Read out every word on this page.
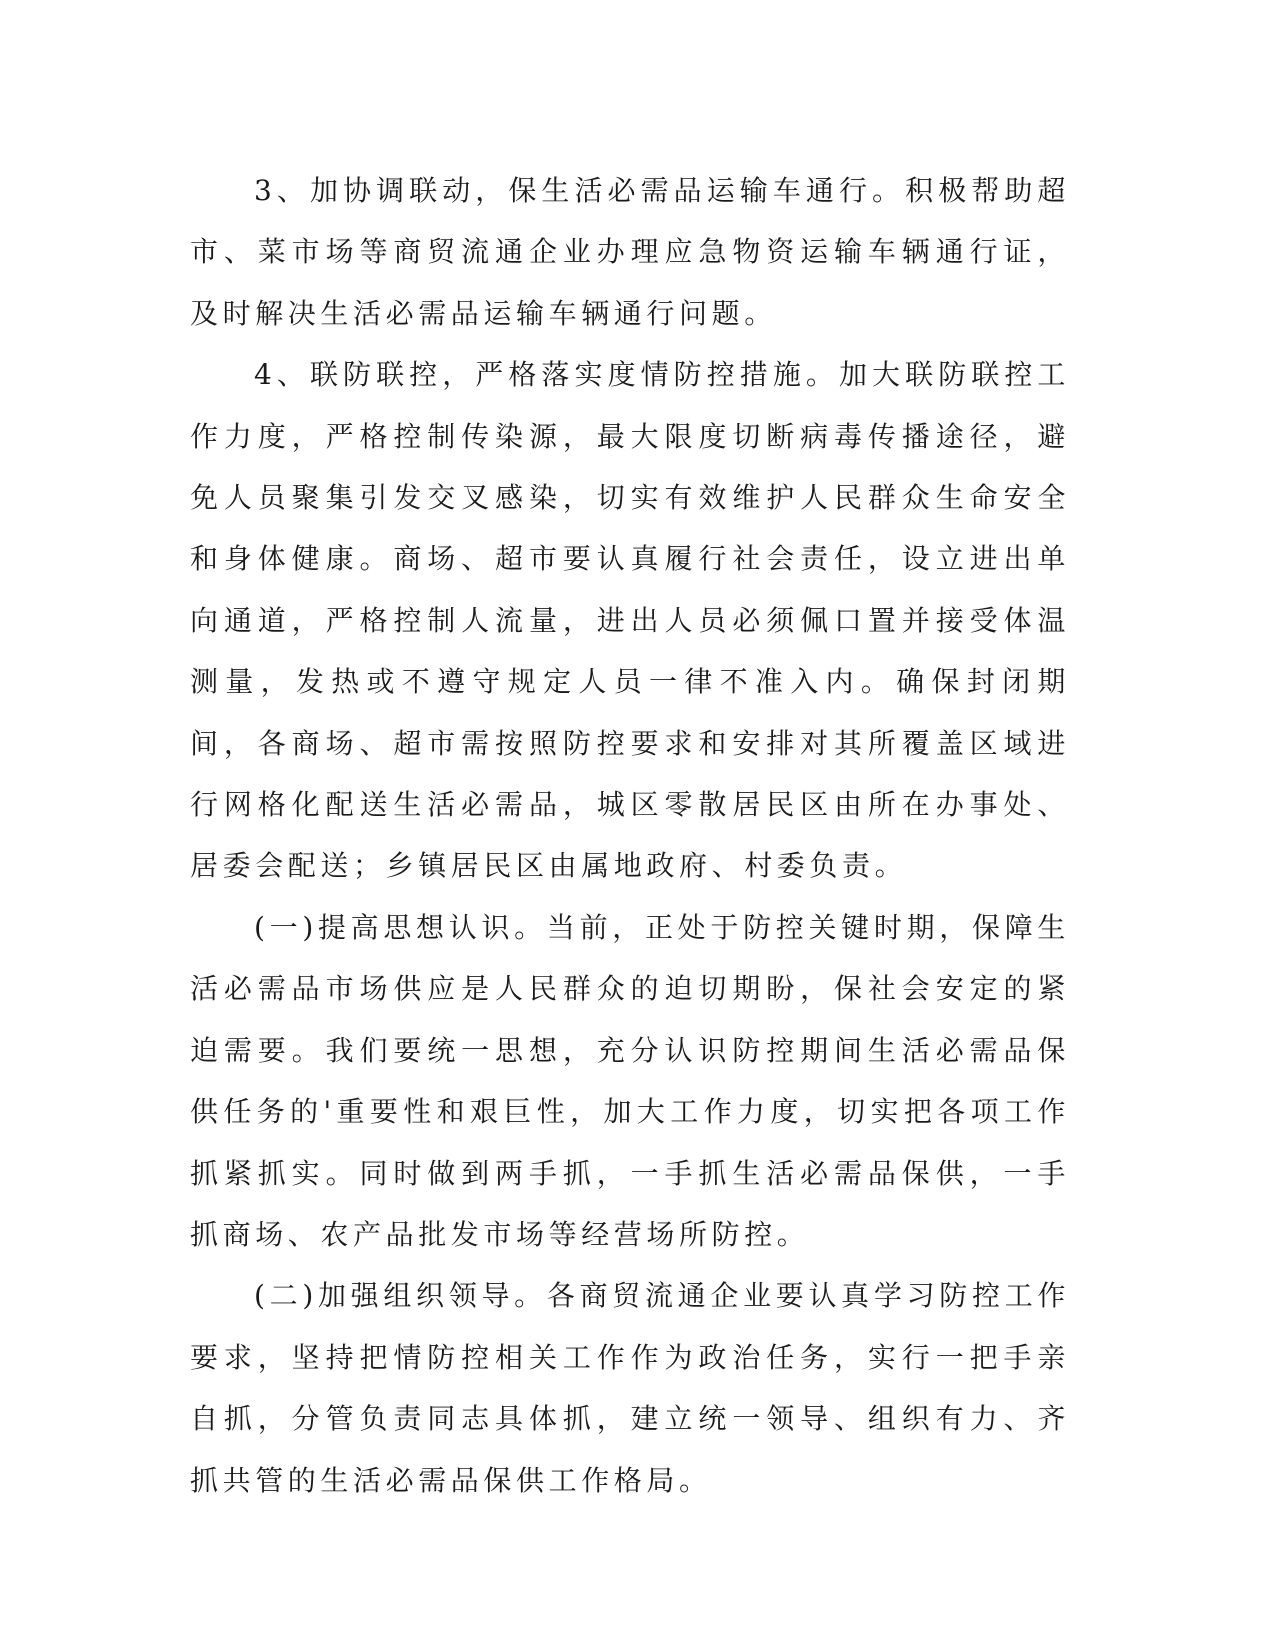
3、加协调联动，保生活必需品运输车通行。积极帮助超市、菜市场等商贸流通企业办理应急物资运输车辆通行证，及时解决生活必需品运输车辆通行问题。

4、联防联控，严格落实度情防控措施。加大联防联控工作力度，严格控制传染源，最大限度切断病毒传播途径，避免人员聚集引发交叉感染，切实有效维护人民群众生命安全和身体健康。商场、超市要认真履行社会责任，设立进出单向通道，严格控制人流量，进出人员必须佩口置并接受体温测量，发热或不遵守规定人员一律不准入内。确保封闭期间，各商场、超市需按照防控要求和安排对其所覆盖区域进行网格化配送生活必需品，城区零散居民区由所在办事处、居委会配送；乡镇居民区由属地政府、村委负责。

(一)提高思想认识。当前，正处于防控关键时期，保障生活必需品市场供应是人民群众的迫切期盼，保社会安定的紧迫需要。我们要统一思想，充分认识防控期间生活必需品保供任务的'重要性和艰巨性，加大工作力度，切实把各项工作抓紧抓实。同时做到两手抓，一手抓生活必需品保供，一手抓商场、农产品批发市场等经营场所防控。

(二)加强组织领导。各商贸流通企业要认真学习防控工作要求，坚持把情防控相关工作作为政治任务，实行一把手亲自抓，分管负责同志具体抓，建立统一领导、组织有力、齐抓共管的生活必需品保供工作格局。
